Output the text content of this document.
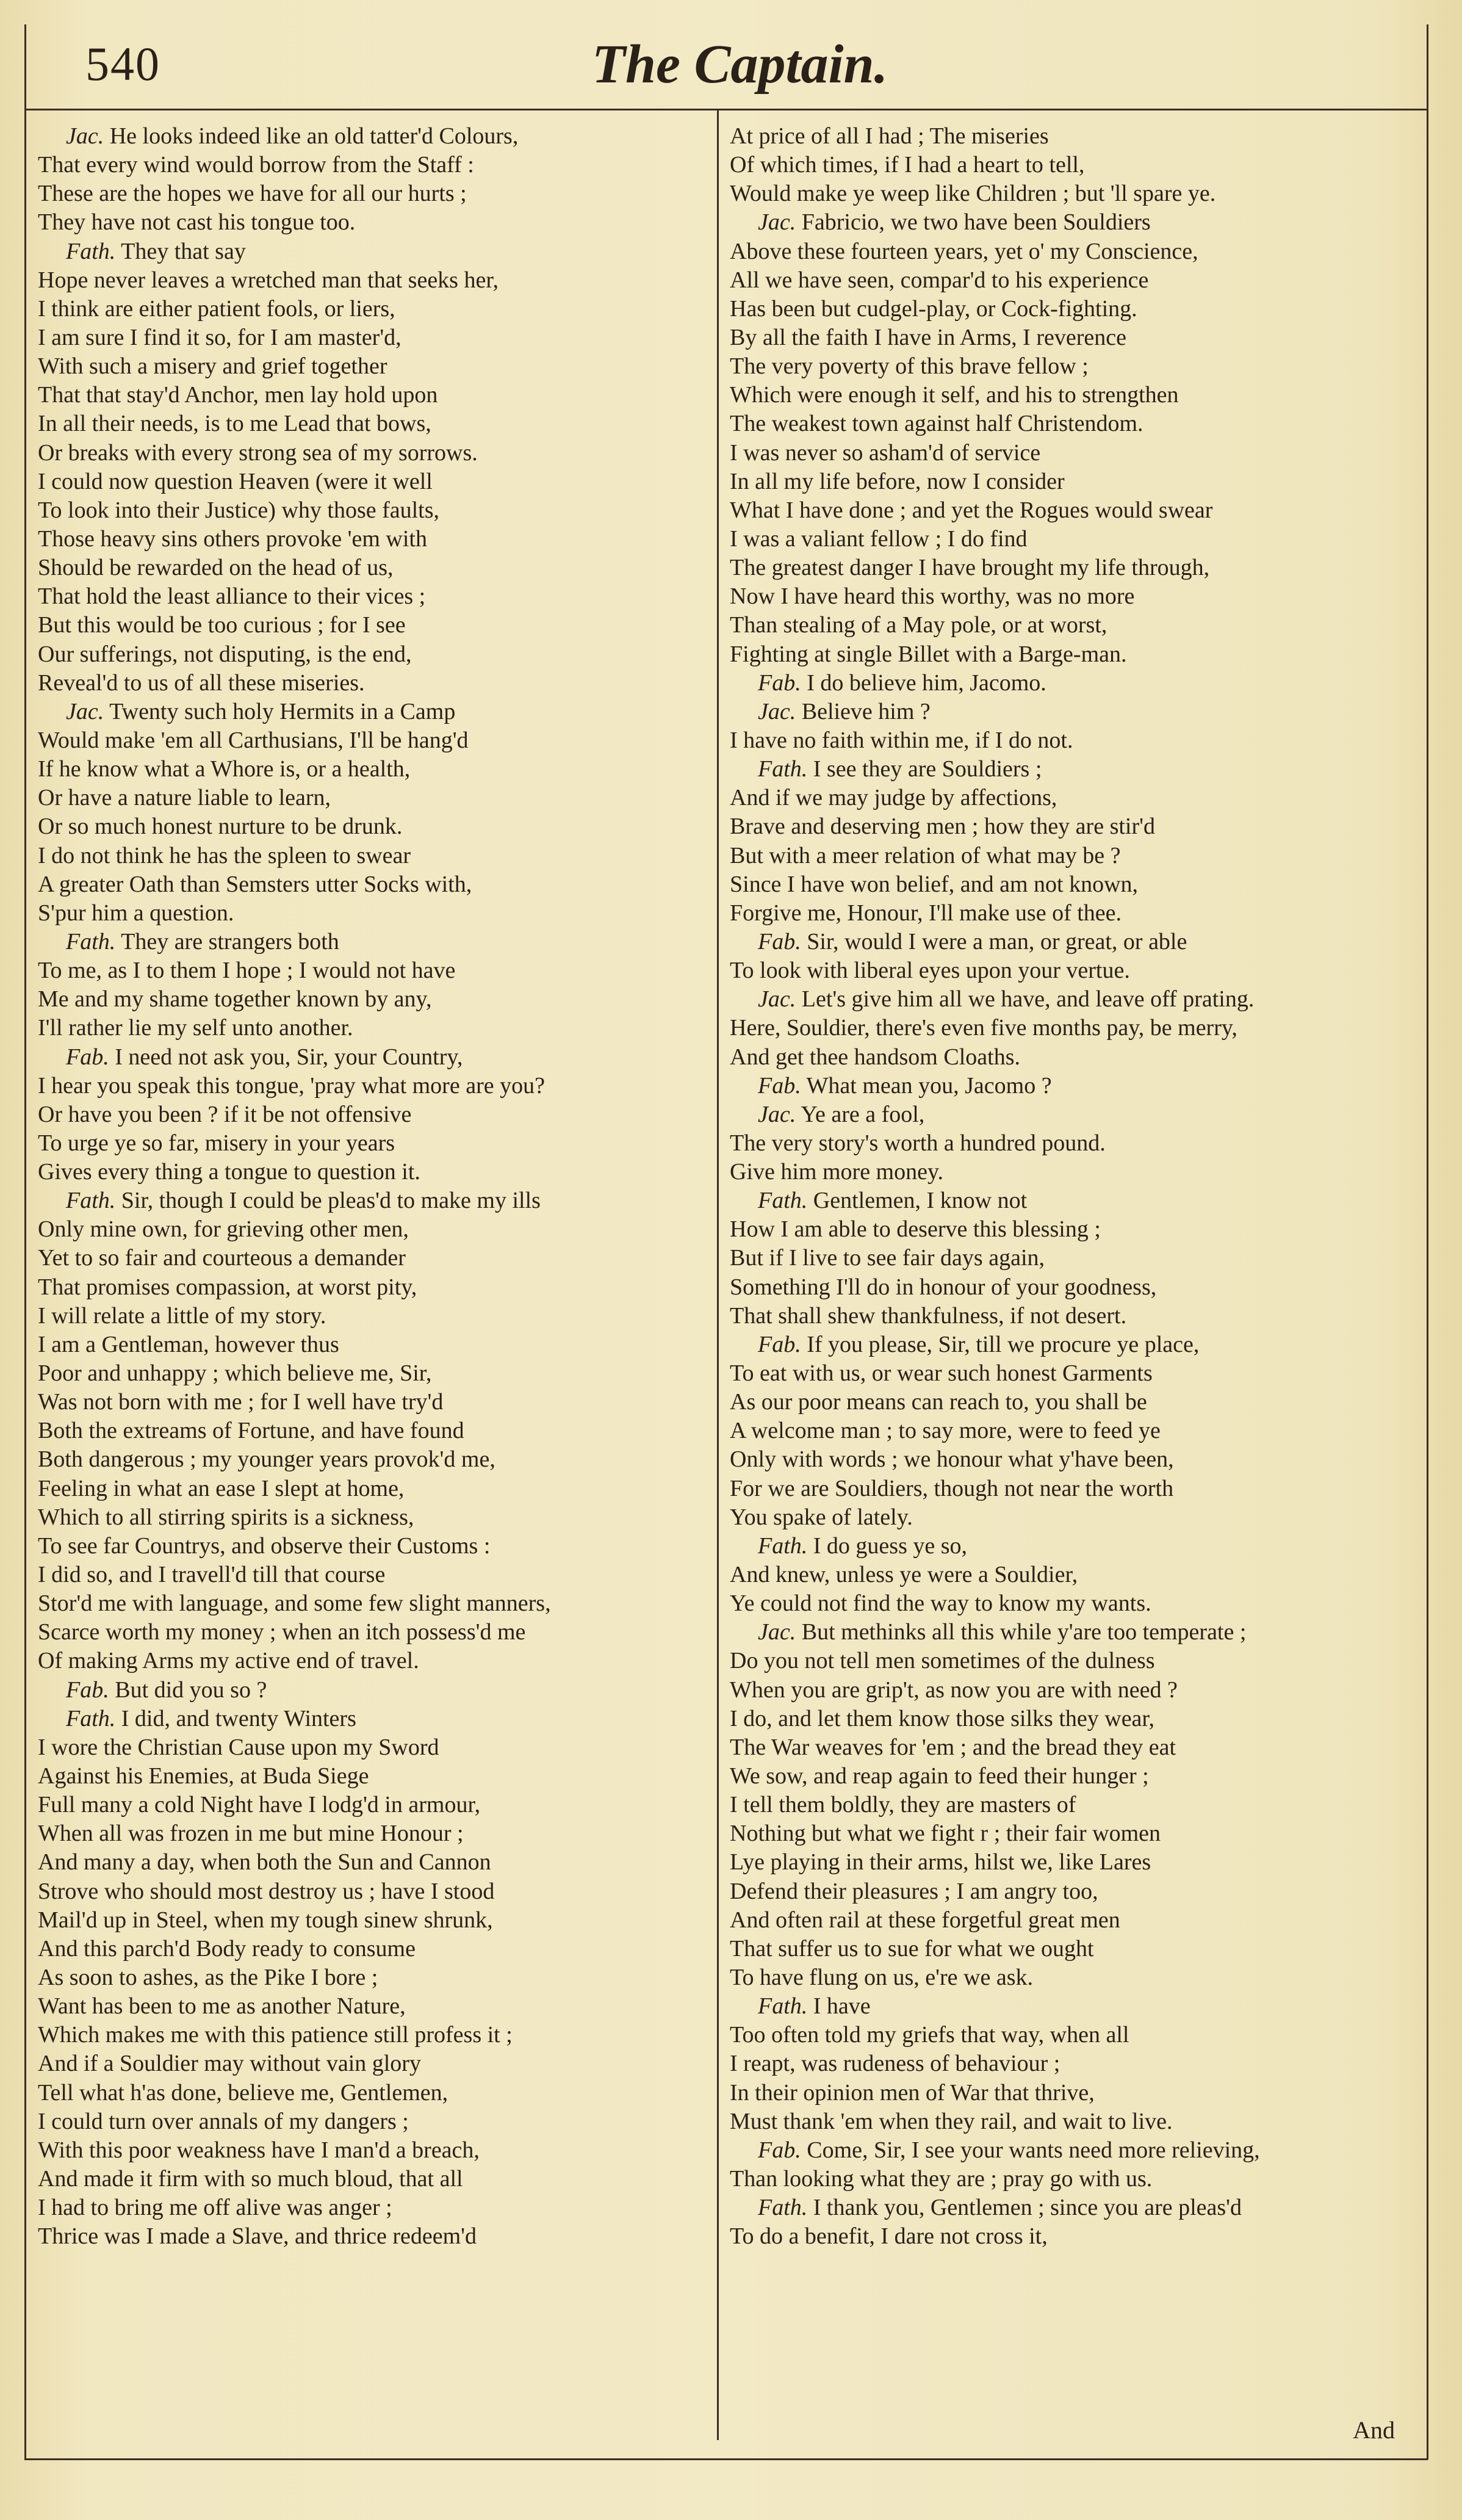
540	The Captain.
Jac. He looks indeed like an old tatter'd Colours,
That every wind would borrow from the Staff :
These are the hopes we have for all our hurts ;
They have not cast his tongue too.
Fath. They that say
Hope never leaves a wretched man that seeks her,
I think are either patient fools, or liers,
I am sure I find it so, for I am master'd,
With such a misery and grief together
That that stay'd Anchor, men lay hold upon
In all their needs, is to me Lead that bows,
Or breaks with every strong sea of my sorrows.
I could now question Heaven (were it well
To look into their Justice) why those faults,
Those heavy sins others provoke 'em with
Should be rewarded on the head of us,
That hold the least alliance to their vices ;
But this would be too curious ; for I see
Our sufferings, not disputing, is the end,
Reveal'd to us of all these miseries.
Jac. Twenty such holy Hermits in a Camp
Would make 'em all Carthusians, I'll be hang'd
If he know what a Whore is, or a health,
Or have a nature liable to learn,
Or so much honest nurture to be drunk.
I do not think he has the spleen to swear
A greater Oath than Semsters utter Socks with,
S'pur him a question.
Fath. They are strangers both
To me, as I to them I hope ; I would not have
Me and my shame together known by any,
I'll rather lie my self unto another.
Fab. I need not ask you, Sir, your Country,
I hear you speak this tongue, 'pray what more are you?
Or have you been ? if it be not offensive
To urge ye so far, misery in your years
Gives every thing a tongue to question it.
Fath. Sir, though I could be pleas'd to make my ills
Only mine own, for grieving other men,
Yet to so fair and courteous a demander
That promises compassion, at worst pity,
I will relate a little of my story.
I am a Gentleman, however thus
Poor and unhappy ; which believe me, Sir,
Was not born with me ; for I well have try'd
Both the extreams of Fortune, and have found
Both dangerous ; my younger years provok'd me,
Feeling in what an ease I slept at home,
Which to all stirring spirits is a sickness,
To see far Countrys, and observe their Customs :
I did so, and I travell'd till that course
Stor'd me with language, and some few slight manners,
Scarce worth my money ; when an itch possess'd me
Of making Arms my active end of travel.
Fab. But did you so ?
Fath. I did, and twenty Winters
I wore the Christian Cause upon my Sword
Against his Enemies, at Buda Siege
Full many a cold Night have I lodg'd in armour,
When all was frozen in me but mine Honour ;
And many a day, when both the Sun and Cannon
Strove who should most destroy us ; have I stood
Mail'd up in Steel, when my tough sinew shrunk,
And this parch'd Body ready to consume
As soon to ashes, as the Pike I bore ;
Want has been to me as another Nature,
Which makes me with this patience still profess it ;
And if a Souldier may without vain glory
Tell what h'as done, believe me, Gentlemen,
I could turn over annals of my dangers ;
With this poor weakness have I man'd a breach,
And made it firm with so much bloud, that all
I had to bring me off alive was anger ;
Thrice was I made a Slave, and thrice redeem'd
At price of all I had ; The miseries
Of which times, if I had a heart to tell,
Would make ye weep like Children ; but 'll spare ye.
Jac. Fabricio, we two have been Souldiers
Above these fourteen years, yet o' my Conscience,
All we have seen, compar'd to his experience
Has been but cudgel-play, or Cock-fighting.
By all the faith I have in Arms, I reverence
The very poverty of this brave fellow ;
Which were enough it self, and his to strengthen
The weakest town against half Christendom.
I was never so asham'd of service
In all my life before, now I consider
What I have done ; and yet the Rogues would swear
I was a valiant fellow ; I do find
The greatest danger I have brought my life through,
Now I have heard this worthy, was no more
Than stealing of a May pole, or at worst,
Fighting at single Billet with a Barge-man.
Fab. I do believe him, Jacomo.
Jac. Believe him ?
I have no faith within me, if I do not.
Fath. I see they are Souldiers ;
And if we may judge by affections,
Brave and deserving men ; how they are stir'd
But with a meer relation of what may be ?
Since I have won belief, and am not known,
Forgive me, Honour, I'll make use of thee.
Fab. Sir, would I were a man, or great, or able
To look with liberal eyes upon your vertue.
Jac. Let's give him all we have, and leave off prating.
Here, Souldier, there's even five months pay, be merry,
And get thee handsom Cloaths.
Fab. What mean you, Jacomo ?
Jac. Ye are a fool,
The very story's worth a hundred pound.
Give him more money.
Fath. Gentlemen, I know not
How I am able to deserve this blessing ;
But if I live to see fair days again,
Something I'll do in honour of your goodness,
That shall shew thankfulness, if not desert.
Fab. If you please, Sir, till we procure ye place,
To eat with us, or wear such honest Garments
As our poor means can reach to, you shall be
A welcome man ; to say more, were to feed ye
Only with words ; we honour what y'have been,
For we are Souldiers, though not near the worth
You spake of lately.
Fath. I do guess ye so,
And knew, unless ye were a Souldier,
Ye could not find the way to know my wants.
Jac. But methinks all this while y'are too temperate ;
Do you not tell men sometimes of the dulness
When you are grip't, as now you are with need ?
I do, and let them know those silks they wear,
The War weaves for 'em ; and the bread they eat
We sow, and reap again to feed their hunger ;
I tell them boldly, they are masters of
Nothing but what we fight r ; their fair women
Lye playing in their arms, hilst we, like Lares
Defend their pleasures ; I am angry too,
And often rail at these forgetful great men
That suffer us to sue for what we ought
To have flung on us, e're we ask.
Fath. I have
Too often told my griefs that way, when all
I reapt, was rudeness of behaviour ;
In their opinion men of War that thrive,
Must thank 'em when they rail, and wait to live.
Fab. Come, Sir, I see your wants need more relieving,
Than looking what they are ; pray go with us.
Fath. I thank you, Gentlemen ; since you are pleas'd
To do a benefit, I dare not cross it,
And
